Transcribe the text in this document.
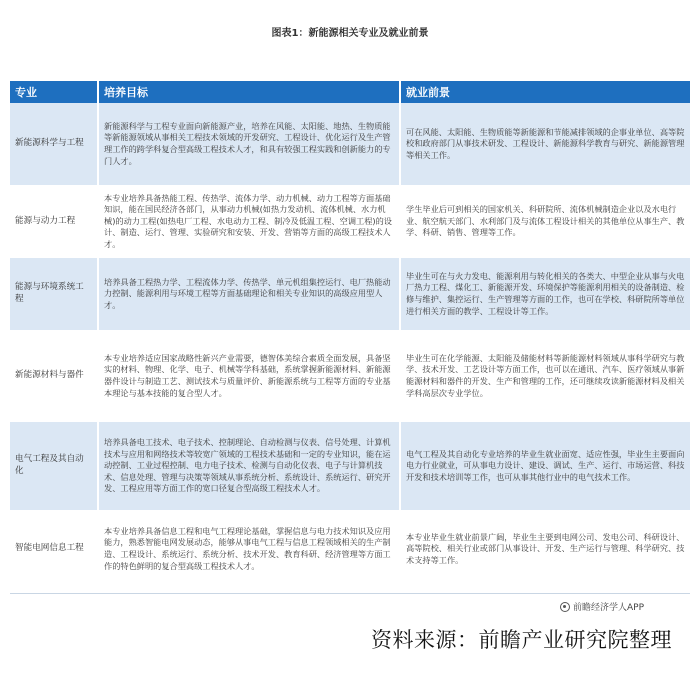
图表1：新能源相关专业及就业前景
专业	培养目标	就业前景
新能源科学与工程	新能源科学与工程专业面向新能源产业，培养在风能、太阳能、地热、生物质能等新能源领域从事相关工程技术领域的开发研究、工程设计、优化运行及生产管理工作的跨学科复合型高级工程技术人才，和具有较强工程实践和创新能力的专门人才。	可在风能、太阳能、生物质能等新能源和节能减排领域的企事业单位、高等院校和政府部门从事技术研发、工程设计、新能源科学教育与研究、新能源管理等相关工作。
能源与动力工程	本专业培养具备热能工程、传热学、流体力学、动力机械、动力工程等方面基础知识，能在国民经济各部门，从事动力机械(如热力发动机、流体机械、水力机械)的动力工程(如热电厂工程、水电动力工程、制冷及低温工程、空调工程)的设计、制造、运行、管理、实验研究和安装、开发、营销等方面的高级工程技术人才。	学生毕业后可到相关的国家机关、科研院所、流体机械制造企业以及水电行业、航空航天部门、水利部门及与流体工程设计相关的其他单位从事生产、教学、科研、销售、管理等工作。
能源与环境系统工程	培养具备工程热力学、工程流体力学、传热学、单元机组集控运行、电厂热能动力控制、能源利用与环境工程等方面基础理论和相关专业知识的高级应用型人才。	毕业生可在与火力发电、能源利用与转化相关的各类大、中型企业从事与火电厂热力工程、煤化工、新能源开发、环境保护等能源利用相关的设备制造、检修与维护、集控运行、生产管理等方面的工作，也可在学校、科研院所等单位进行相关方面的教学、工程设计等工作。
新能源材料与器件	本专业培养适应国家战略性新兴产业需要，德智体美综合素质全面发展，具备坚实的材料、物理、化学、电子、机械等学科基础，系统掌握新能源材料、新能源器件设计与制造工艺、测试技术与质量评价、新能源系统与工程等方面的专业基本理论与基本技能的复合型人才。	毕业生可在化学能源、太阳能及储能材料等新能源材料领域从事科学研究与教学、技术开发、工艺设计等方面工作，也可以在通讯、汽车、医疗领域从事新能源材料和器件的开发、生产和管理的工作，还可继续攻读新能源材料及相关学科高层次专业学位。
电气工程及其自动化	培养具备电工技术、电子技术、控制理论、自动检测与仪表、信号处理、计算机技术与应用和网络技术等较宽广领域的工程技术基础和一定的专业知识，能在运动控制、工业过程控制、电力电子技术、检测与自动化仪表、电子与计算机技术、信息处理、管理与决策等领域从事系统分析、系统设计、系统运行、研究开发、工程应用等方面工作的宽口径复合型高级工程技术人才。	电气工程及其自动化专业培养的毕业生就业面宽、适应性强，毕业生主要面向电力行业就业，可从事电力设计、建设、调试、生产、运行、市场运营、科技开发和技术培训等工作，也可从事其他行业中的电气技术工作。
智能电网信息工程	本专业培养具备信息工程和电气工程理论基础，掌握信息与电力技术知识及应用能力，熟悉智能电网发展动态，能够从事电气工程与信息工程领域相关的生产制造、工程设计、系统运行、系统分析、技术开发、教育科研、经济管理等方面工作的特色鲜明的复合型高级工程技术人才。	本专业毕业生就业前景广阔，毕业生主要到电网公司、发电公司、科研设计、高等院校、相关行业或部门从事设计、开发、生产运行与管理、科学研究、技术支持等工作。
前瞻经济学人APP
资料来源：前瞻产业研究院整理
